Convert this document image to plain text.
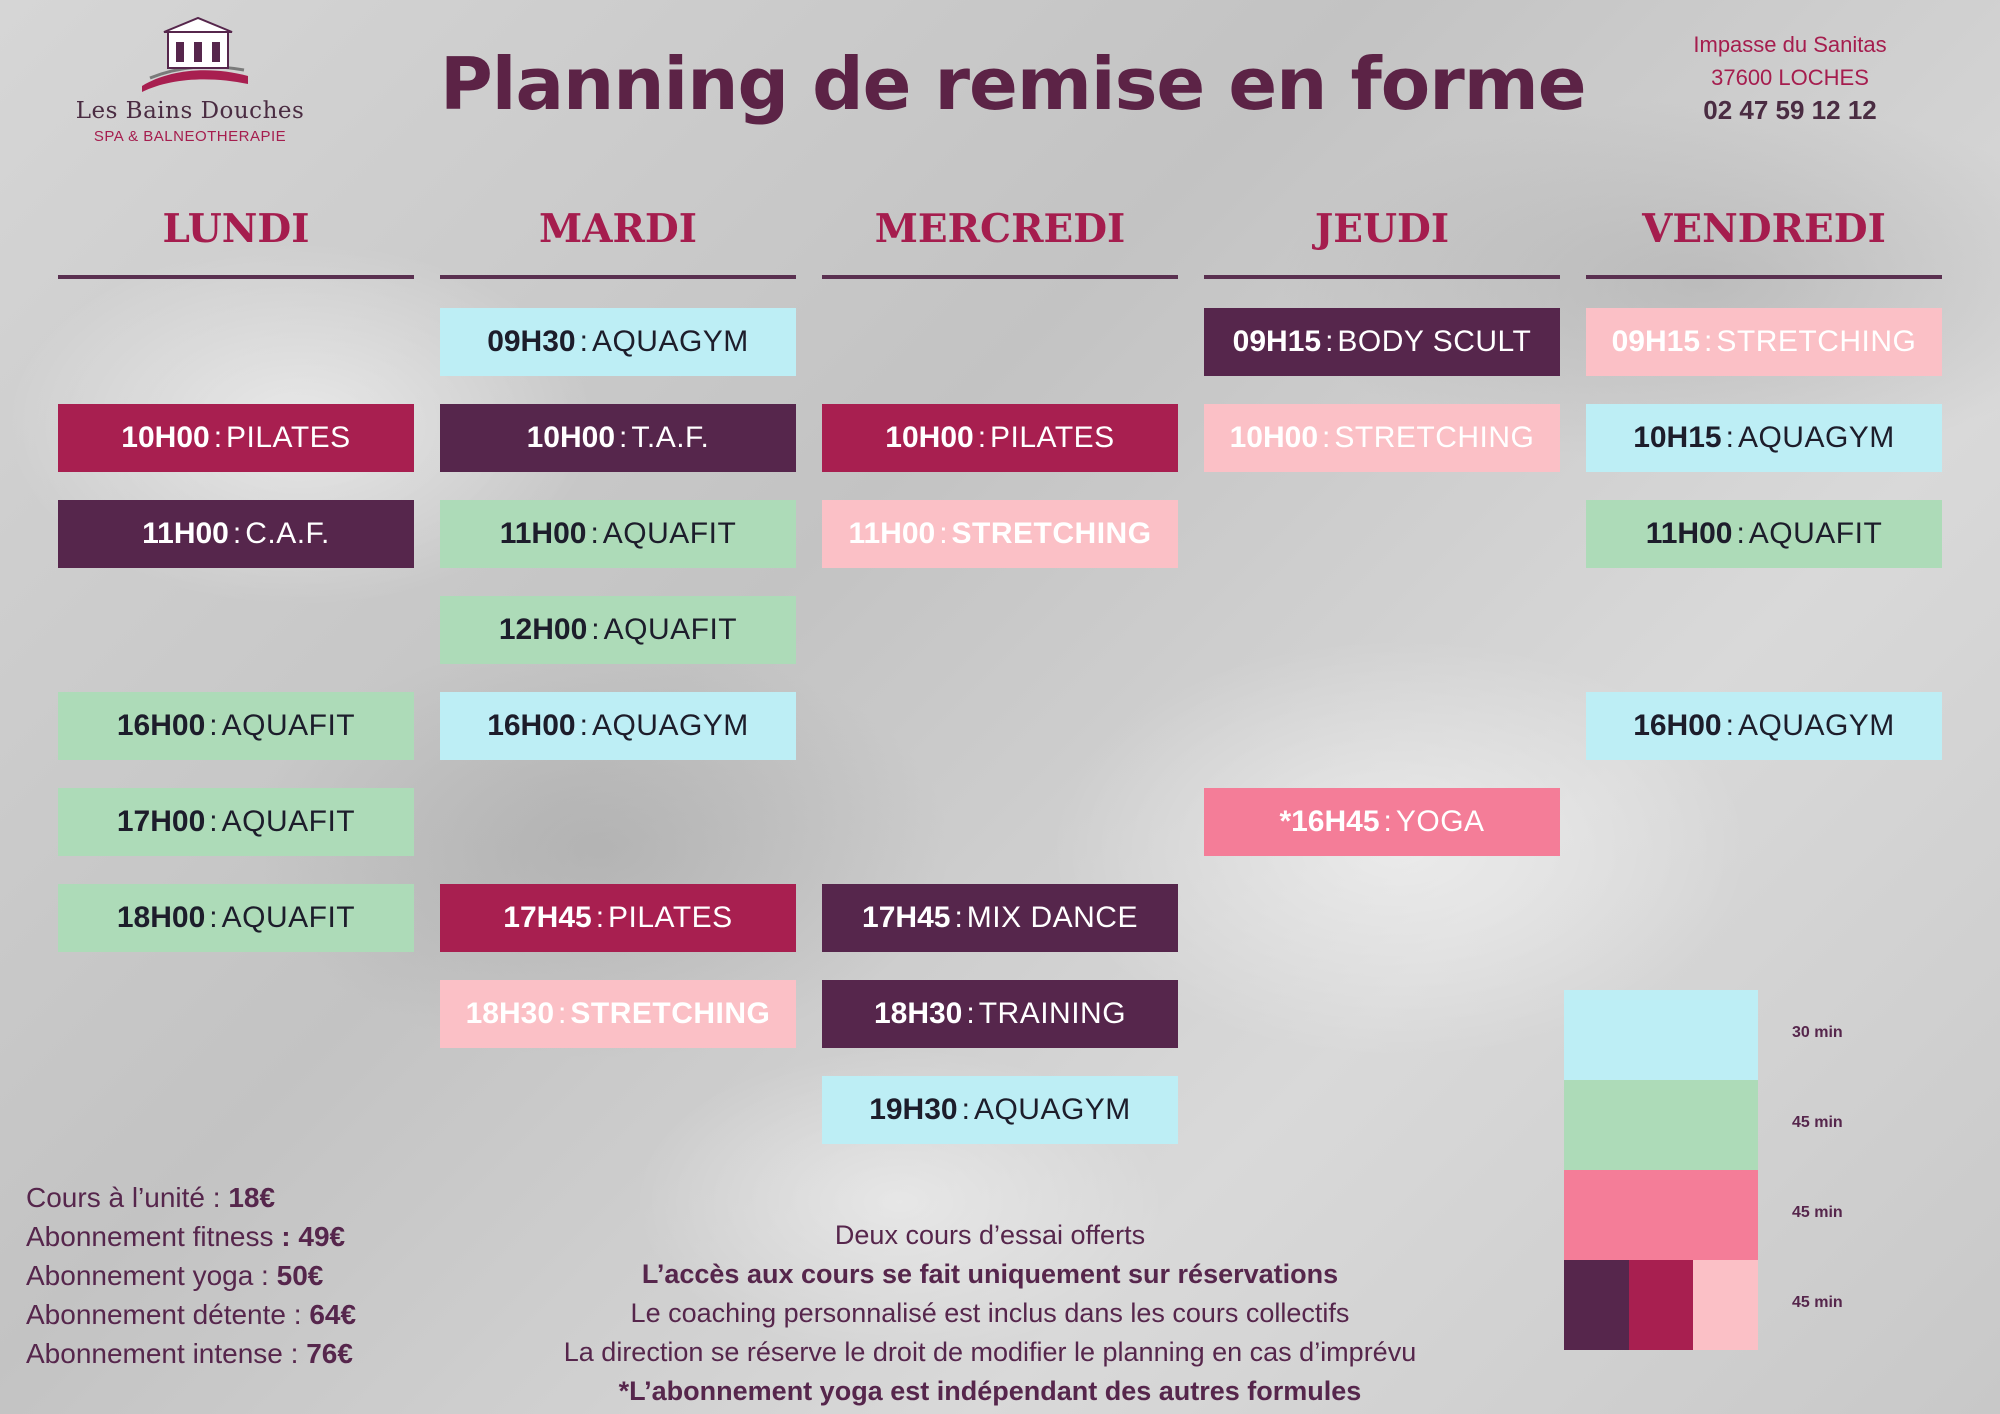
Les Bains Douches
SPA & BALNEOTHERAPIE
Planning de remise en forme	Impasse du Sanitas
37600 LOCHES
02 47 59 12 12
LUNDI
10H00 : PILATES
11H00 : C.A.F.
16H00 : AQUAFIT
17H00 : AQUAFIT
18H00 : AQUAFIT
MARDI
09H30 : AQUAGYM
10H00 : T.A.F.
11H00 : AQUAFIT
12H00 : AQUAFIT
16H00 : AQUAGYM
17H45 : PILATES
18H30 : STRETCHING
MERCREDI
10H00 : PILATES
11H00 : STRETCHING
17H45 : MIX DANCE
18H30 : TRAINING
19H30 : AQUAGYM
JEUDI
09H15 : BODY SCULT
10H00 : STRETCHING
*16H45 : YOGA
VENDREDI
09H15 : STRETCHING
10H15 : AQUAGYM
11H00 : AQUAFIT
16H00 : AQUAGYM
Cours à l’unité : 18€
Abonnement fitness : 49€
Abonnement yoga : 50€
Abonnement détente : 64€
Abonnement intense : 76€
Deux cours d’essai offerts
L’accès aux cours se fait uniquement sur réservations
Le coaching personnalisé est inclus dans les cours collectifs
La direction se réserve le droit de modifier le planning en cas d’imprévu
*L’abonnement yoga est indépendant des autres formules
30 min
45 min
45 min
45 min
